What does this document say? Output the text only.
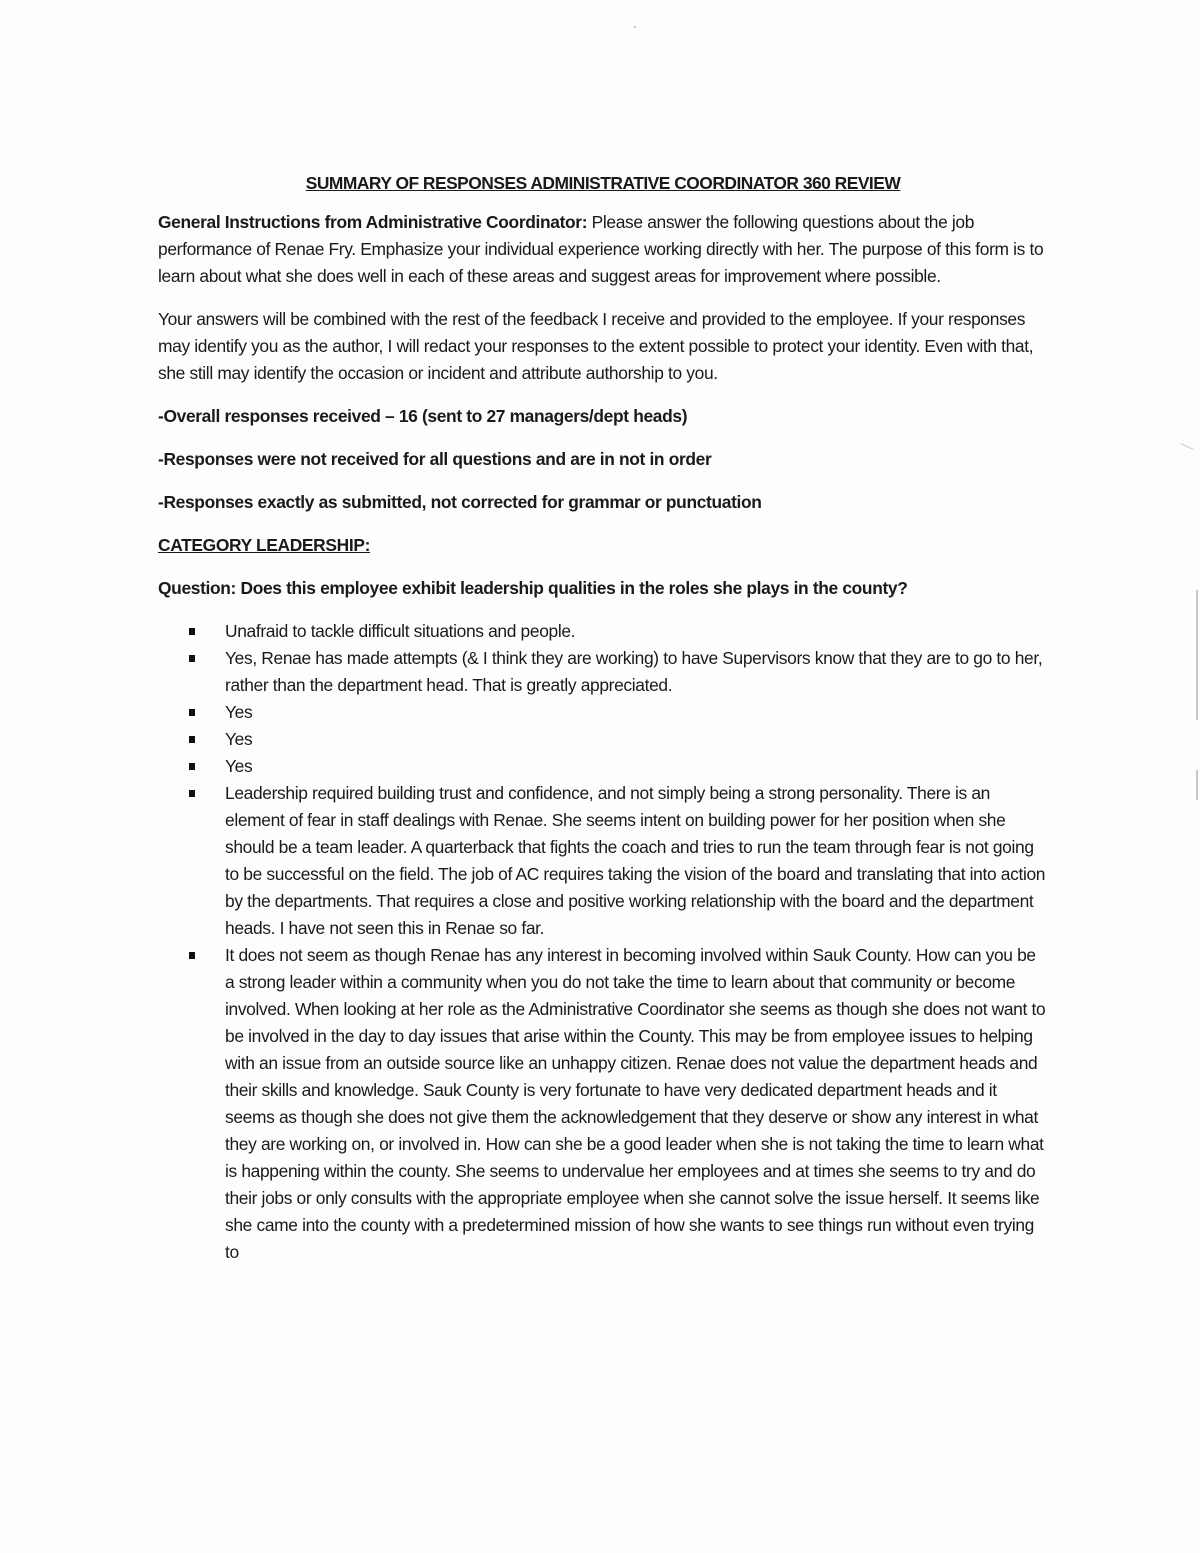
SUMMARY OF RESPONSES ADMINISTRATIVE COORDINATOR 360 REVIEW

General Instructions from Administrative Coordinator: Please answer the following questions about the job performance of Renae Fry. Emphasize your individual experience working directly with her. The purpose of this form is to learn about what she does well in each of these areas and suggest areas for improvement where possible.

Your answers will be combined with the rest of the feedback I receive and provided to the employee. If your responses may identify you as the author, I will redact your responses to the extent possible to protect your identity. Even with that, she still may identify the occasion or incident and attribute authorship to you.

-Overall responses received – 16 (sent to 27 managers/dept heads)

-Responses were not received for all questions and are in not in order

-Responses exactly as submitted, not corrected for grammar or punctuation

CATEGORY LEADERSHIP:

Question: Does this employee exhibit leadership qualities in the roles she plays in the county?

Unafraid to tackle difficult situations and people.
Yes, Renae has made attempts (& I think they are working) to have Supervisors know that they are to go to her, rather than the department head. That is greatly appreciated.
Yes
Yes
Yes
Leadership required building trust and confidence, and not simply being a strong personality. There is an element of fear in staff dealings with Renae. She seems intent on building power for her position when she should be a team leader. A quarterback that fights the coach and tries to run the team through fear is not going to be successful on the field. The job of AC requires taking the vision of the board and translating that into action by the departments. That requires a close and positive working relationship with the board and the department heads. I have not seen this in Renae so far.
It does not seem as though Renae has any interest in becoming involved within Sauk County. How can you be a strong leader within a community when you do not take the time to learn about that community or become involved. When looking at her role as the Administrative Coordinator she seems as though she does not want to be involved in the day to day issues that arise within the County. This may be from employee issues to helping with an issue from an outside source like an unhappy citizen. Renae does not value the department heads and their skills and knowledge. Sauk County is very fortunate to have very dedicated department heads and it seems as though she does not give them the acknowledgement that they deserve or show any interest in what they are working on, or involved in. How can she be a good leader when she is not taking the time to learn what is happening within the county. She seems to undervalue her employees and at times she seems to try and do their jobs or only consults with the appropriate employee when she cannot solve the issue herself. It seems like she came into the county with a predetermined mission of how she wants to see things run without even trying to
